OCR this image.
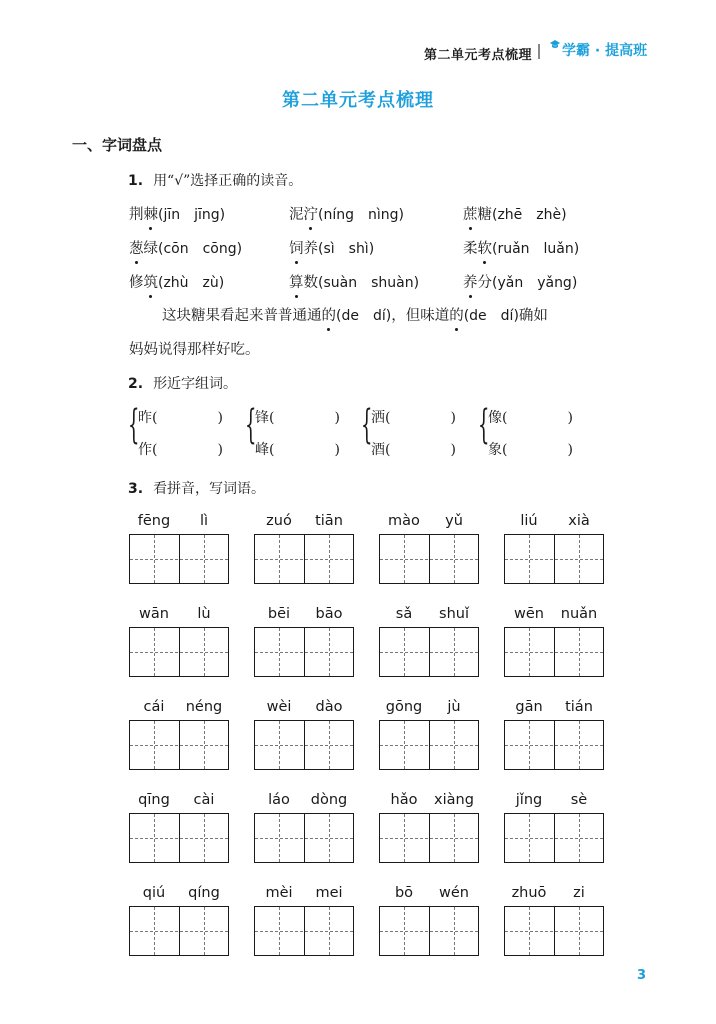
第二单元考点梳理	学霸 · 提高班
第二单元考点梳理
一、字词盘点
1. 用“√”选择正确的读音。
荆棘(jīn　jīng)	泥泞(níng　nìng)	蔗糖(zhē　zhè)
葱绿(cōn　cōng)	饲养(sì　shì)	柔软(ruǎn　luǎn)
修筑(zhù　zù)	算数(suàn　shuàn)	养分(yǎn　yǎng)
这块糖果看起来普普通通的(de　dí)，但味道的(de　dí)确如
妈妈说得那样好吃。
2. 形近字组词。
{
昨(	)
作(	)
{
锋(	)
峰(	)
{
洒(	)
酒(	)
{
像(	)
象(	)
3. 看拼音，写词语。
fēng	lì	zuó	tiān	mào	yǔ	liú	xià
wān	lù	bēi	bāo	sǎ	shuǐ	wēn	nuǎn
cái	néng	wèi	dào	gōng	jù	gān	tián
qīng	cài	láo	dòng	hǎo	xiàng	jǐng	sè
qiú	qíng	mèi	mei	bō	wén	zhuō	zi
3
